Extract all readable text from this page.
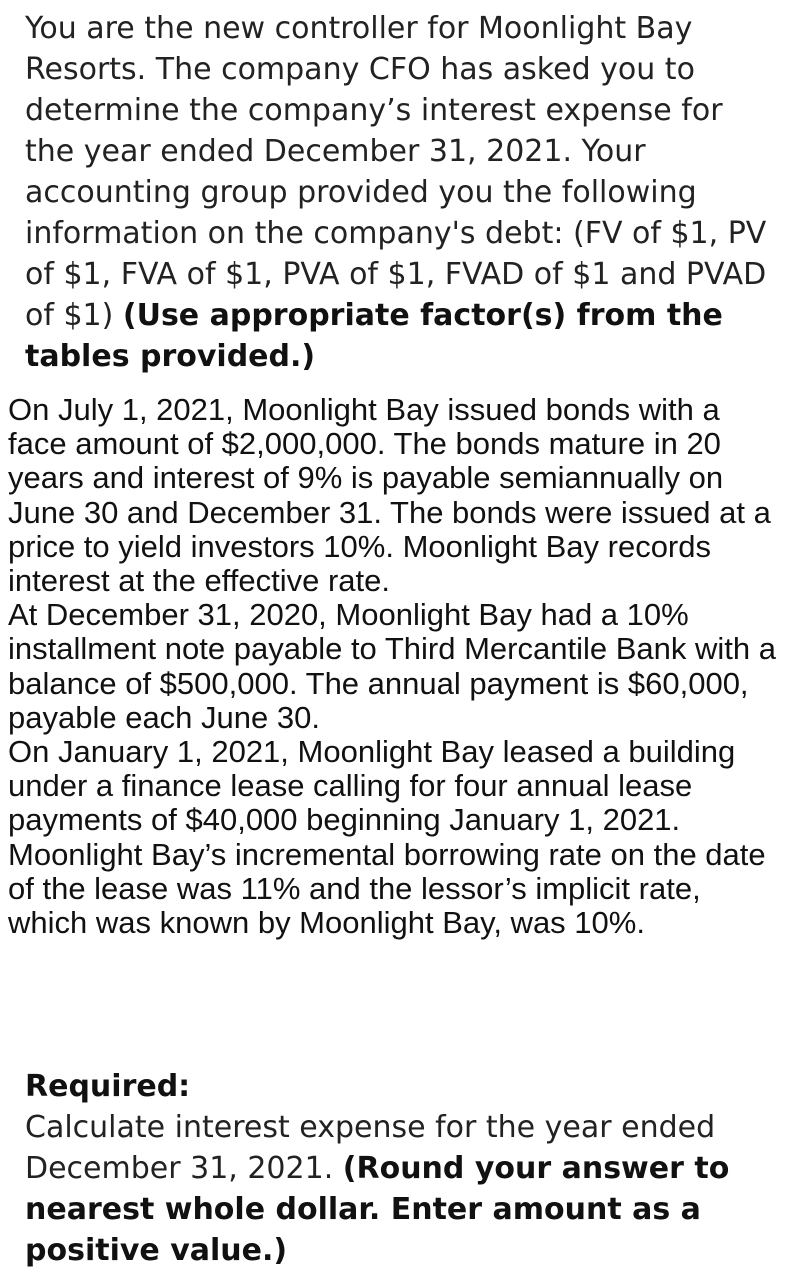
You are the new controller for Moonlight Bay Resorts. The company CFO has asked you to determine the company’s interest expense for the year ended December 31, 2021. Your accounting group provided you the following information on the company's debt: (FV of $1, PV of $1, FVA of $1, PVA of $1, FVAD of $1 and PVAD of $1) (Use appropriate factor(s) from the tables provided.)

On July 1, 2021, Moonlight Bay issued bonds with a face amount of $2,000,000. The bonds mature in 20 years and interest of 9% is payable semiannually on June 30 and December 31. The bonds were issued at a price to yield investors 10%. Moonlight Bay records interest at the effective rate.

At December 31, 2020, Moonlight Bay had a 10% installment note payable to Third Mercantile Bank with a balance of $500,000. The annual payment is $60,000, payable each June 30.

On January 1, 2021, Moonlight Bay leased a building under a finance lease calling for four annual lease payments of $40,000 beginning January 1, 2021. Moonlight Bay’s incremental borrowing rate on the date of the lease was 11% and the lessor’s implicit rate, which was known by Moonlight Bay, was 10%.

Required:
Calculate interest expense for the year ended December 31, 2021. (Round your answer to nearest whole dollar. Enter amount as a positive value.)
